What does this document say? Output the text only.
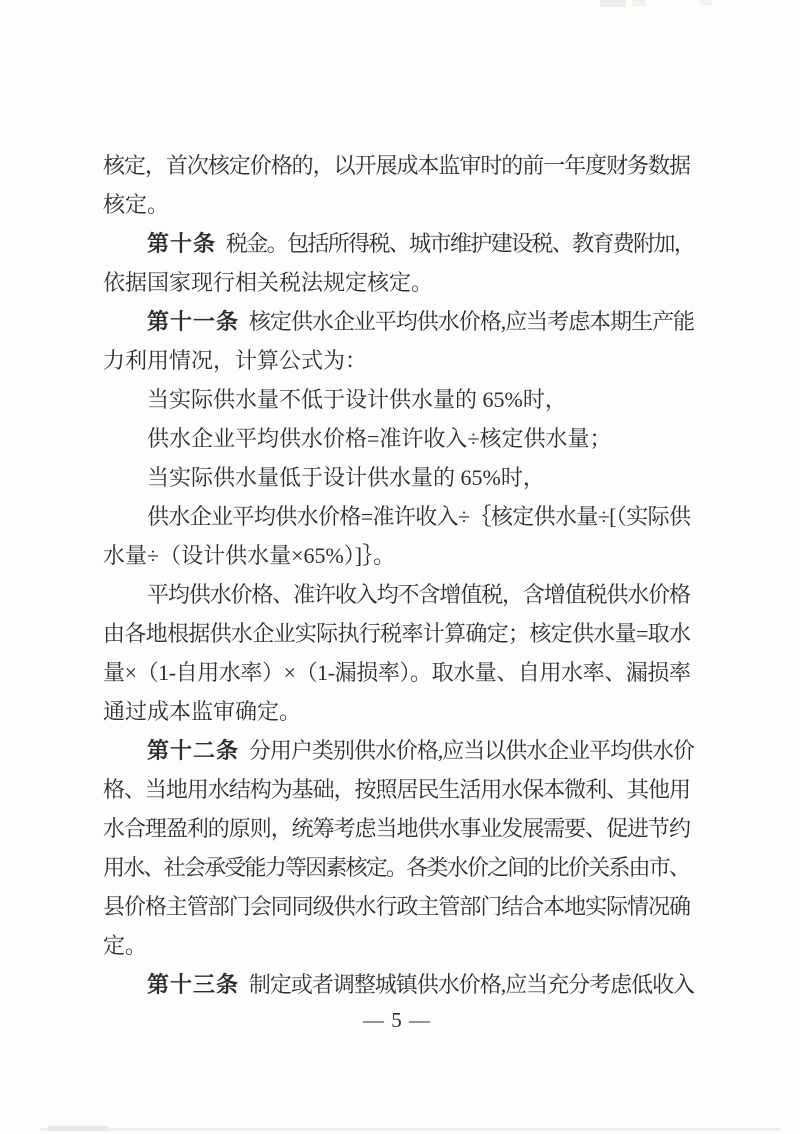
核定，首次核定价格的，以开展成本监审时的前一年度财务数据
核定。
第十条 税金。包括所得税、城市维护建设税、教育费附加，
依据国家现行相关税法规定核定。
第十一条 核定供水企业平均供水价格,应当考虑本期生产能
力利用情况，计算公式为：
当实际供水量不低于设计供水量的 65%时，
供水企业平均供水价格=准许收入÷核定供水量；
当实际供水量低于设计供水量的 65%时，
供水企业平均供水价格=准许收入÷｛核定供水量÷[（实际供
水量÷（设计供水量×65%）]｝。
平均供水价格、准许收入均不含增值税，含增值税供水价格
由各地根据供水企业实际执行税率计算确定；核定供水量=取水
量×（1-自用水率）×（1-漏损率）。取水量、自用水率、漏损率
通过成本监审确定。
第十二条 分用户类别供水价格,应当以供水企业平均供水价
格、当地用水结构为基础，按照居民生活用水保本微利、其他用
水合理盈利的原则，统筹考虑当地供水事业发展需要、促进节约
用水、社会承受能力等因素核定。各类水价之间的比价关系由市、
县价格主管部门会同同级供水行政主管部门结合本地实际情况确
定。
第十三条 制定或者调整城镇供水价格,应当充分考虑低收入
— 5 —
